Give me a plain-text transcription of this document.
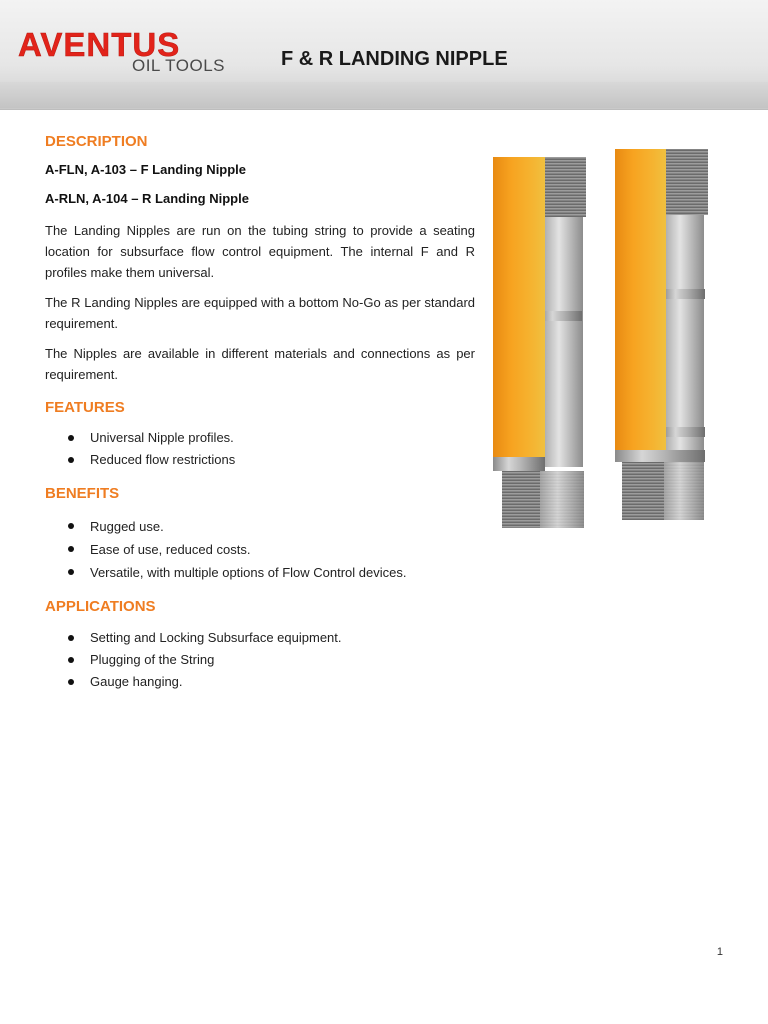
AVENTUS
OIL TOOLS	F & R LANDING NIPPLE
DESCRIPTION
A-FLN, A-103 – F Landing Nipple
A-RLN, A-104 – R Landing Nipple

The Landing Nipples are run on the tubing string to provide a seating location for subsurface flow control equipment. The internal F and R profiles make them universal.

The R Landing Nipples are equipped with a bottom No-Go as per standard requirement.

The Nipples are available in different materials and connections as per requirement.

FEATURES
Universal Nipple profiles.
Reduced flow restrictions
BENEFITS
Rugged use.
Ease of use, reduced costs.
Versatile, with multiple options of Flow Control devices.
APPLICATIONS
Setting and Locking Subsurface equipment.
Plugging of the String
Gauge hanging.
1
